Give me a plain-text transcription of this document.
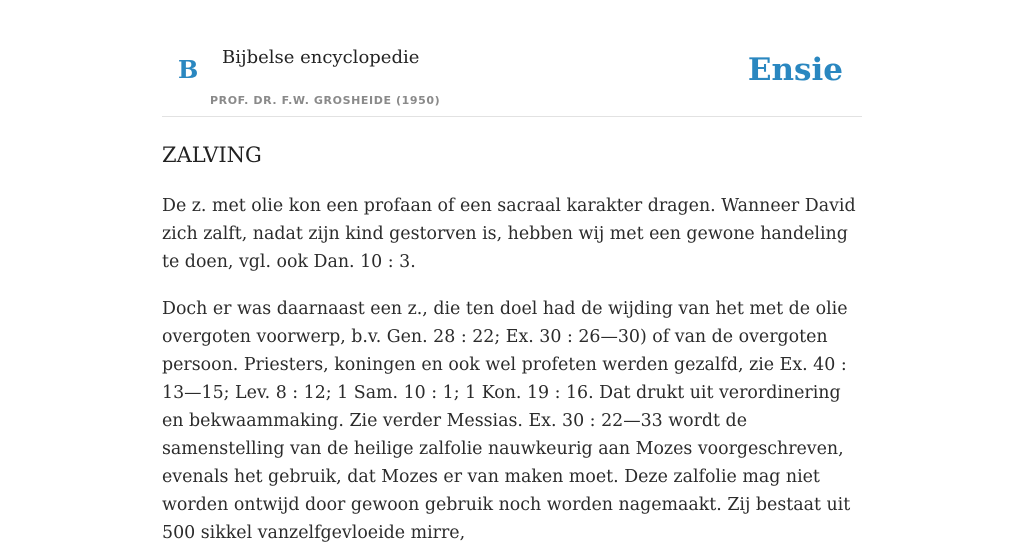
B Bijbelse encyclopedie
PROF. DR. F.W. GROSHEIDE (1950)
Ensie
ZALVING

De z. met olie kon een profaan of een sacraal karakter dragen. Wanneer David zich zalft, nadat zijn kind gestorven is, hebben wij met een gewone handeling te doen, vgl. ook Dan. 10 : 3.

Doch er was daarnaast een z., die ten doel had de wijding van het met de olie overgoten voorwerp, b.v. Gen. 28 : 22; Ex. 30 : 26—30) of van de overgoten persoon. Priesters, koningen en ook wel profeten werden gezalfd, zie Ex. 40 : 13—15; Lev. 8 : 12; 1 Sam. 10 : 1; 1 Kon. 19 : 16. Dat drukt uit verordinering en bekwaammaking. Zie verder Messias. Ex. 30 : 22—33 wordt de samenstelling van de heilige zalfolie nauwkeurig aan Mozes voorgeschreven, evenals het gebruik, dat Mozes er van maken moet. Deze zalfolie mag niet worden ontwijd door gewoon gebruik noch worden nagemaakt. Zij bestaat uit 500 sikkel vanzelfgevloeide mirre,
